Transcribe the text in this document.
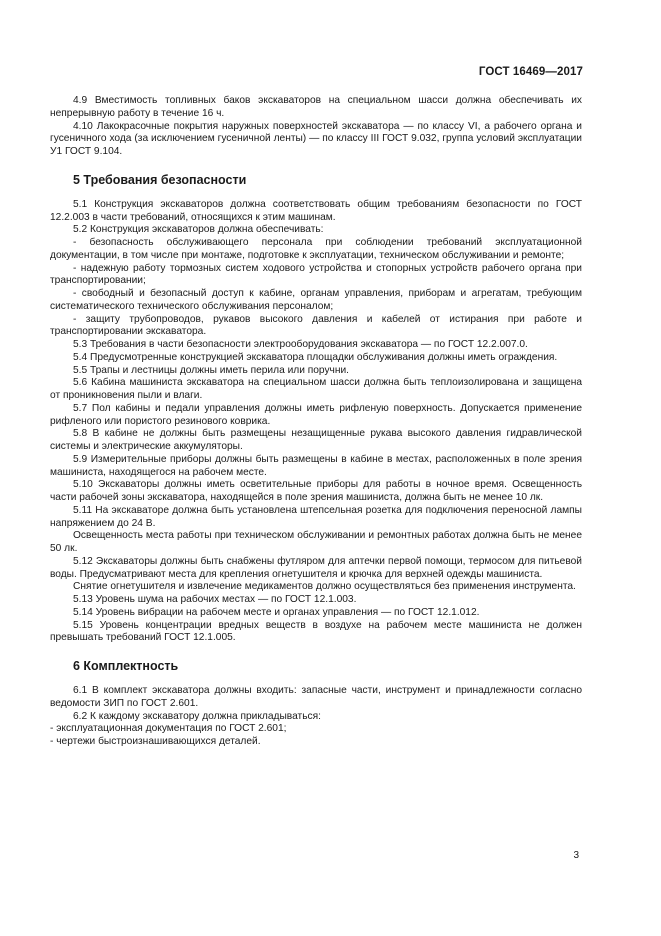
ГОСТ 16469—2017

4.9 Вместимость топливных баков экскаваторов на специальном шасси должна обеспечивать их непрерывную работу в течение 16 ч.

4.10 Лакокрасочные покрытия наружных поверхностей экскаватора — по классу VI, а рабочего органа и гусеничного хода (за исключением гусеничной ленты) — по классу III ГОСТ 9.032, группа условий эксплуатации У1 ГОСТ 9.104.

5 Требования безопасности

5.1 Конструкция экскаваторов должна соответствовать общим требованиям безопасности по ГОСТ 12.2.003 в части требований, относящихся к этим машинам.

5.2 Конструкция экскаваторов должна обеспечивать:

- безопасность обслуживающего персонала при соблюдении требований эксплуатационной документации, в том числе при монтаже, подготовке к эксплуатации, техническом обслуживании и ремонте;

- надежную работу тормозных систем ходового устройства и стопорных устройств рабочего органа при транспортировании;

- свободный и безопасный доступ к кабине, органам управления, приборам и агрегатам, требующим систематического технического обслуживания персоналом;

- защиту трубопроводов, рукавов высокого давления и кабелей от истирания при работе и транспортировании экскаватора.

5.3 Требования в части безопасности электрооборудования экскаватора — по ГОСТ 12.2.007.0.

5.4 Предусмотренные конструкцией экскаватора площадки обслуживания должны иметь ограждения.

5.5 Трапы и лестницы должны иметь перила или поручни.

5.6 Кабина машиниста экскаватора на специальном шасси должна быть теплоизолирована и защищена от проникновения пыли и влаги.

5.7 Пол кабины и педали управления должны иметь рифленую поверхность. Допускается применение рифленого или пористого резинового коврика.

5.8 В кабине не должны быть размещены незащищенные рукава высокого давления гидравлической системы и электрические аккумуляторы.

5.9 Измерительные приборы должны быть размещены в кабине в местах, расположенных в поле зрения машиниста, находящегося на рабочем месте.

5.10 Экскаваторы должны иметь осветительные приборы для работы в ночное время. Освещенность части рабочей зоны экскаватора, находящейся в поле зрения машиниста, должна быть не менее 10 лк.

5.11 На экскаваторе должна быть установлена штепсельная розетка для подключения переносной лампы напряжением до 24 В.

Освещенность места работы при техническом обслуживании и ремонтных работах должна быть не менее 50 лк.

5.12 Экскаваторы должны быть снабжены футляром для аптечки первой помощи, термосом для питьевой воды. Предусматривают места для крепления огнетушителя и крючка для верхней одежды машиниста.

Снятие огнетушителя и извлечение медикаментов должно осуществляться без применения инструмента.

5.13 Уровень шума на рабочих местах — по ГОСТ 12.1.003.

5.14 Уровень вибрации на рабочем месте и органах управления — по ГОСТ 12.1.012.

5.15 Уровень концентрации вредных веществ в воздухе на рабочем месте машиниста не должен превышать требований ГОСТ 12.1.005.

6 Комплектность

6.1 В комплект экскаватора должны входить: запасные части, инструмент и принадлежности согласно ведомости ЗИП по ГОСТ 2.601.

6.2 К каждому экскаватору должна прикладываться:

- эксплуатационная документация по ГОСТ 2.601;

- чертежи быстроизнашивающихся деталей.

3
